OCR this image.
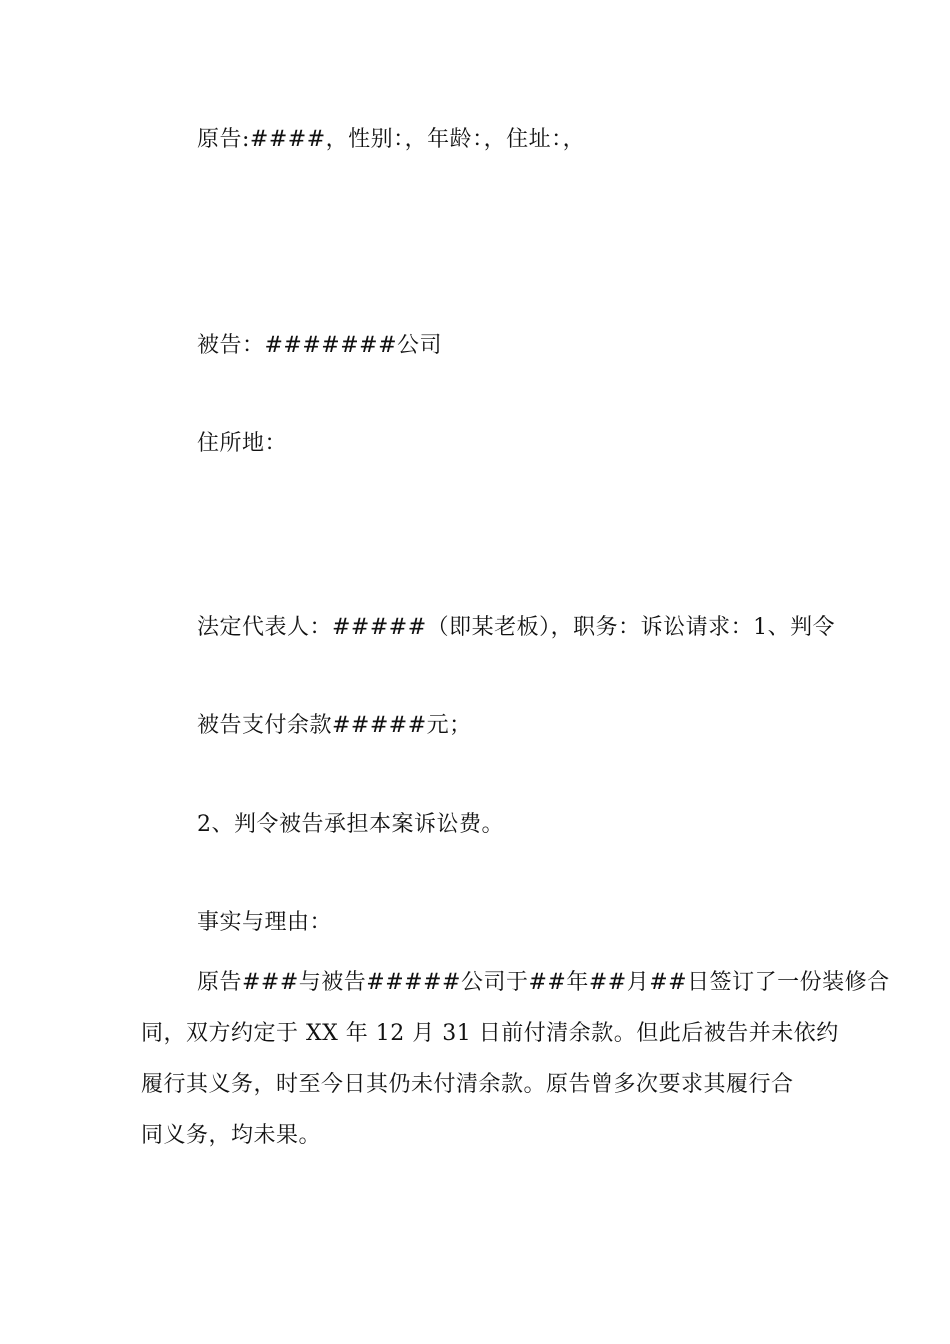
原告:####，性别：，年龄：，住址：，
被告：#######公司
住所地：
法定代表人：#####（即某老板），职务：诉讼请求：1、判令
被告支付余款#####元；
2、判令被告承担本案诉讼费。
事实与理由：
原告###与被告#####公司于##年##月##日签订了一份装修合
同，双方约定于 XX 年 12 月 31 日前付清余款。但此后被告并未依约
履行其义务，时至今日其仍未付清余款。原告曾多次要求其履行合
同义务，均未果。
